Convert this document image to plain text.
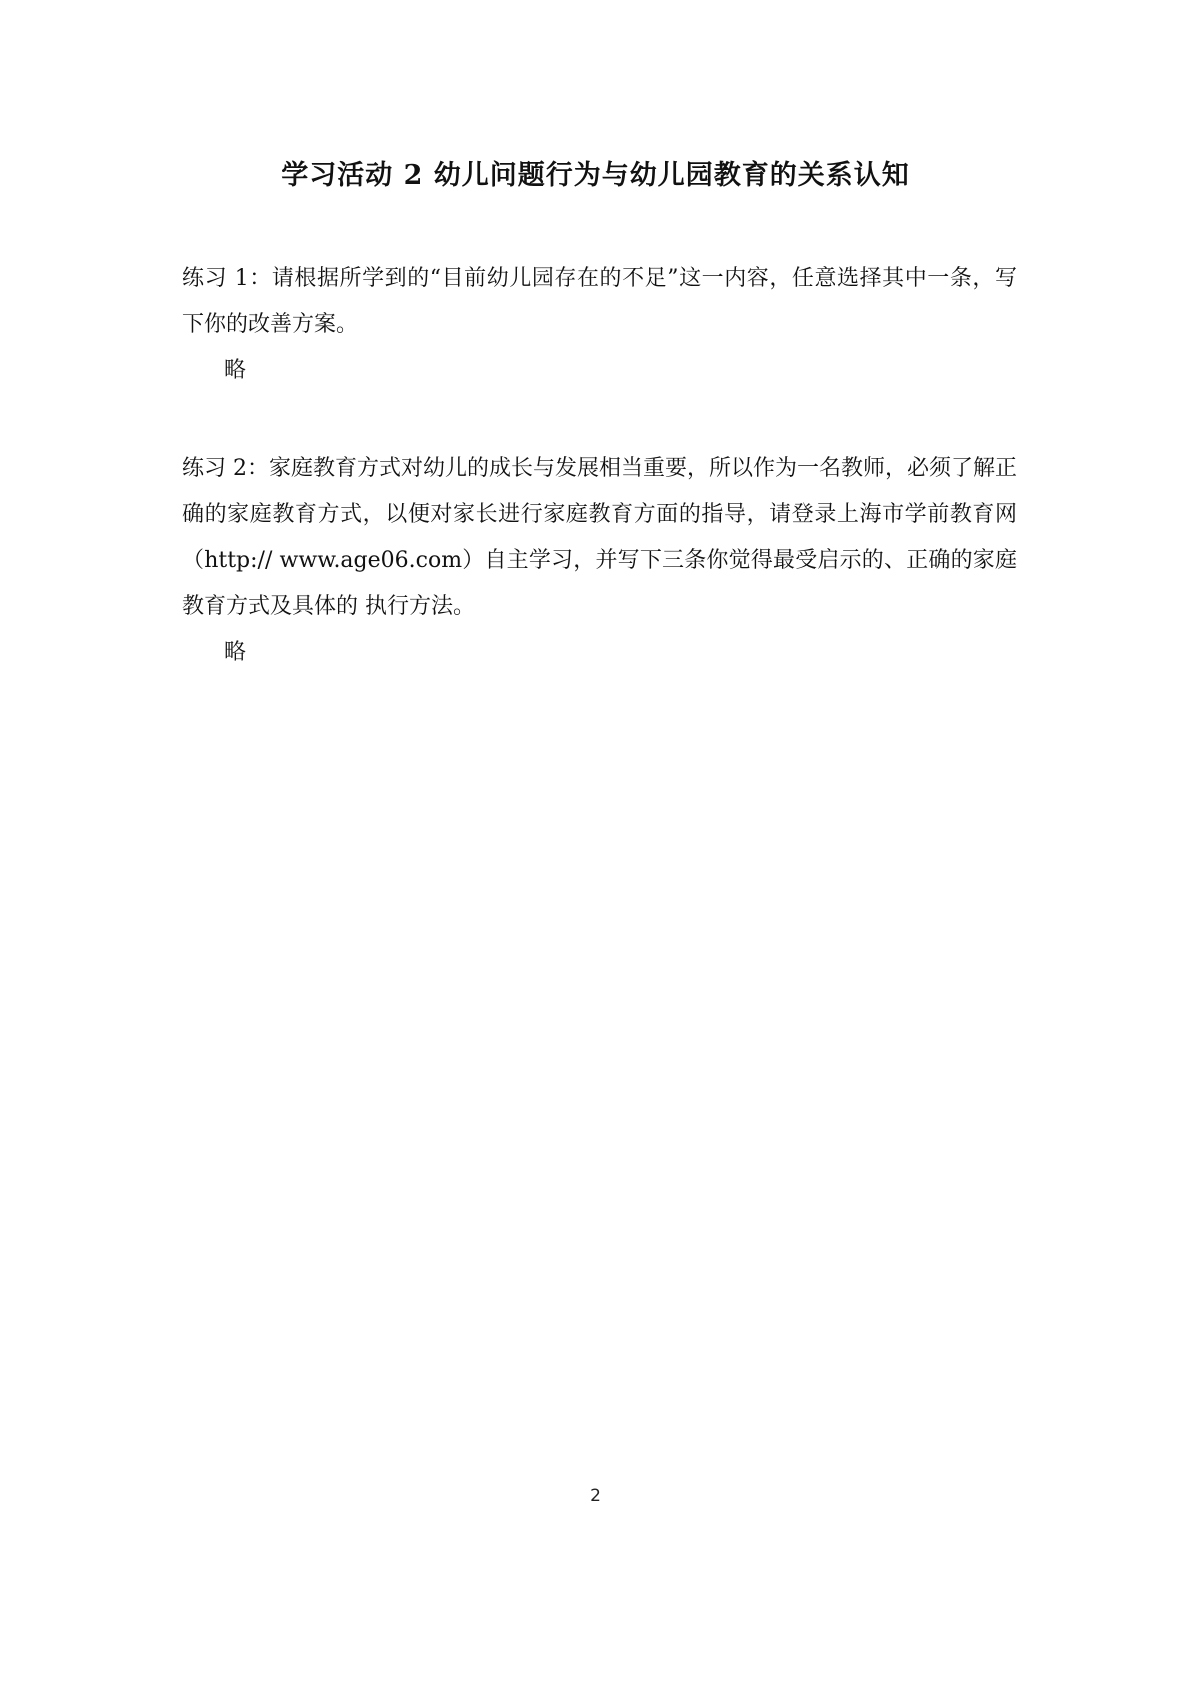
学习活动 2 幼儿问题行为与幼儿园教育的关系认知

练习 1：请根据所学到的“目前幼儿园存在的不足”这一内容，任意选择其中一条，写下你的改善方案。

略

练习 2：家庭教育方式对幼儿的成长与发展相当重要，所以作为一名教师，必须了解正确的家庭教育方式，以便对家长进行家庭教育方面的指导，请登录上海市学前教育网（http:// www.age06.com）自主学习，并写下三条你觉得最受启示的、正确的家庭教育方式及具体的 执行方法。

略

2
